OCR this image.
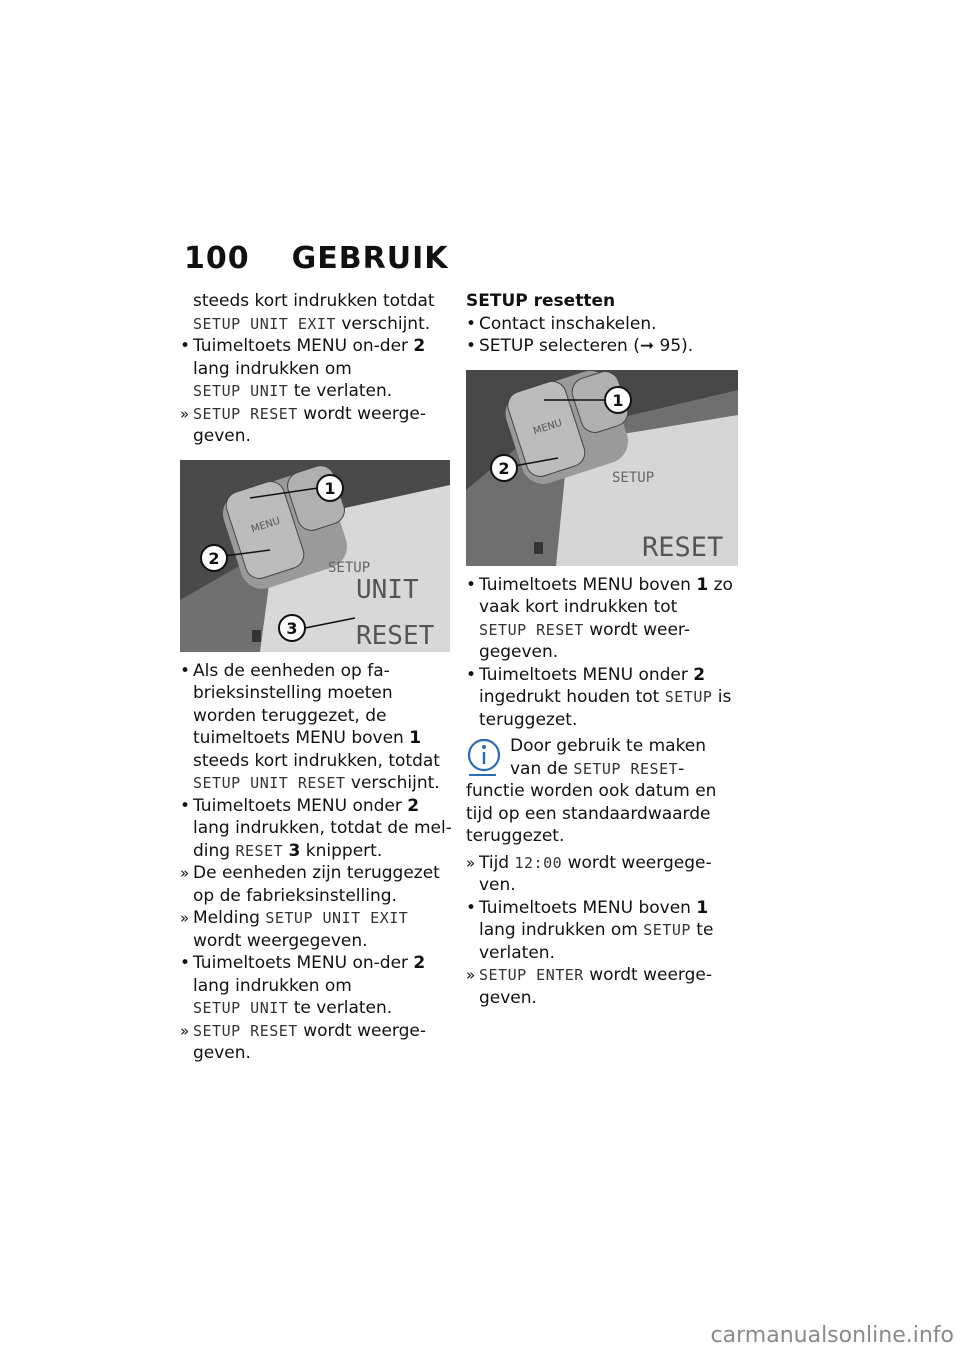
100 GEBRUIK
steeds kort indrukken totdat
SETUP UNIT EXIT verschijnt.
• Tuimeltoets MENU on-der 2 lang indrukken om
SETUP UNIT te verlaten.
» SETUP RESET wordt weerge-geven.
MENU
1
2
3
SETUP
UNIT
RESET
• Als de eenheden op fa-brieksinstelling moeten worden teruggezet, de tuimeltoets MENU boven 1 steeds kort indrukken, totdat SETUP UNIT RESET verschijnt.
• Tuimeltoets MENU onder 2 lang indrukken, totdat de mel-ding RESET 3 knippert.
» De eenheden zijn teruggezet op de fabrieksinstelling.
» Melding SETUP UNIT EXIT wordt weergegeven.
• Tuimeltoets MENU on-der 2 lang indrukken om
SETUP UNIT te verlaten.
» SETUP RESET wordt weerge-geven.
SETUP resetten
• Contact inschakelen.
• SETUP selecteren (➞ 95).
MENU
1
2	SETUP
RESET
• Tuimeltoets MENU boven 1 zo vaak kort indrukken tot
SETUP RESET wordt weer-gegeven.
• Tuimeltoets MENU onder 2 ingedrukt houden tot SETUP is teruggezet.
Door gebruik te maken van de SETUP RESET-functie worden ook datum en tijd op een standaardwaarde teruggezet.
» Tijd 12:00 wordt weergege-ven.
• Tuimeltoets MENU boven 1 lang indrukken om SETUP te verlaten.
» SETUP ENTER wordt weerge-geven.
carmanualsonline.info
